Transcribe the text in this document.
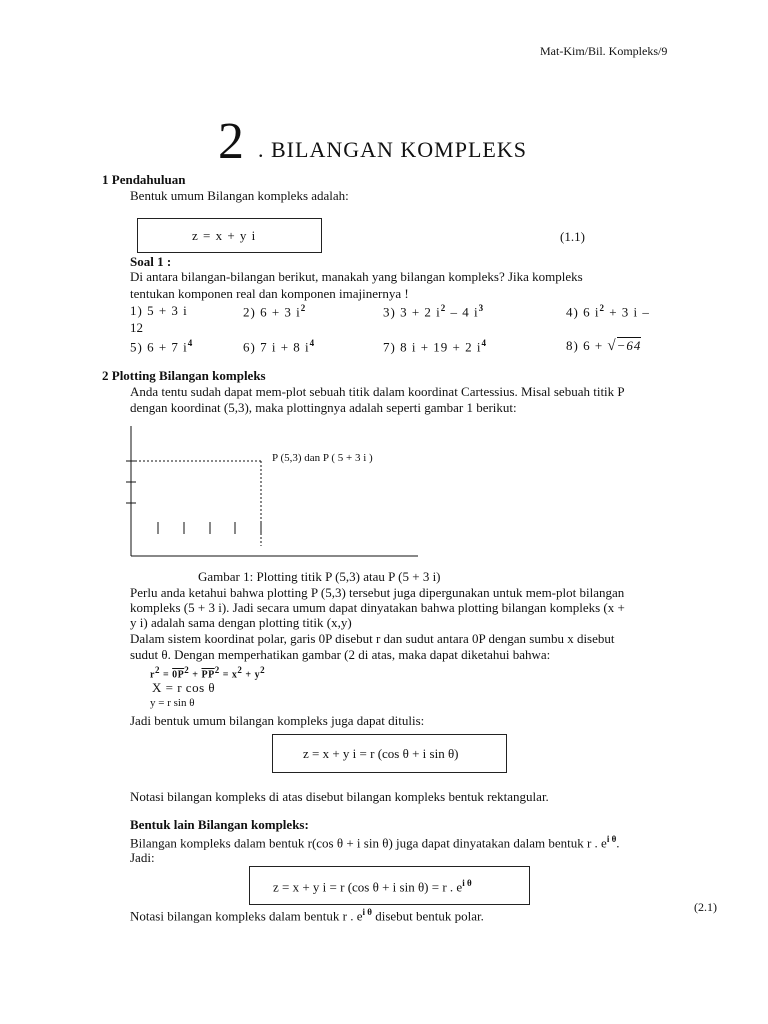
Mat-Kim/Bil. Kompleks/9
2 . BILANGAN KOMPLEKS
1 Pendahuluan
Bentuk umum Bilangan kompleks adalah:
z = x + y i	(1.1)
Soal 1 :
Di antara bilangan-bilangan berikut, manakah yang bilangan kompleks? Jika kompleks
tentukan komponen real dan komponen imajinernya !
1) 5 + 3 i	2) 6 + 3 $i^2$	3) 3 + 2 $i^2 - 4$ $i^3$	4) 6 $i^2 + 3$ i –
12
5) 6 + 7 $i^4$	6) 7 i + 8 $i^4$	7) 8 i + 19 + 2 $i^4$	8) 6 + √−64
2 Plotting Bilangan kompleks
Anda tentu sudah dapat mem-plot sebuah titik dalam koordinat Cartessius. Misal sebuah titik P
dengan koordinat (5,3), maka plottingnya adalah seperti gambar 1 berikut:
P (5,3) dan P ( 5 + 3 i )
Gambar 1: Plotting titik P (5,3) atau P (5 + 3 i)
Perlu anda ketahui bahwa plotting P (5,3) tersebut juga dipergunakan untuk mem-plot bilangan
kompleks (5 + 3 i). Jadi secara umum dapat dinyatakan bahwa plotting bilangan kompleks (x +
y i) adalah sama dengan plotting titik (x,y)
Dalam sistem koordinat polar, garis 0P disebut r dan sudut antara 0P dengan sumbu x disebut
sudut θ. Dengan memperhatikan gambar (2 di atas, maka dapat diketahui bahwa:
$r^2 = 0P^2 + \overline{PP}^2 = x^2 + y^2$
X = r cos θ
y = r sin θ
Jadi bentuk umum bilangan kompleks juga dapat ditulis:
z = x + y i = r (cos θ + i sin θ)
Notasi bilangan kompleks di atas disebut bilangan kompleks bentuk rektangular.
Bentuk lain Bilangan kompleks:
Bilangan kompleks dalam bentuk r(cos θ + i sin θ) juga dapat dinyatakan dalam bentuk r . $e^{i \theta}$.
Jadi:
z = x + y i = r (cos θ + i sin θ) = r . $e^{i \theta}$
(2.1)
Notasi bilangan kompleks dalam bentuk r . $e^{i \theta}$ disebut bentuk polar.
